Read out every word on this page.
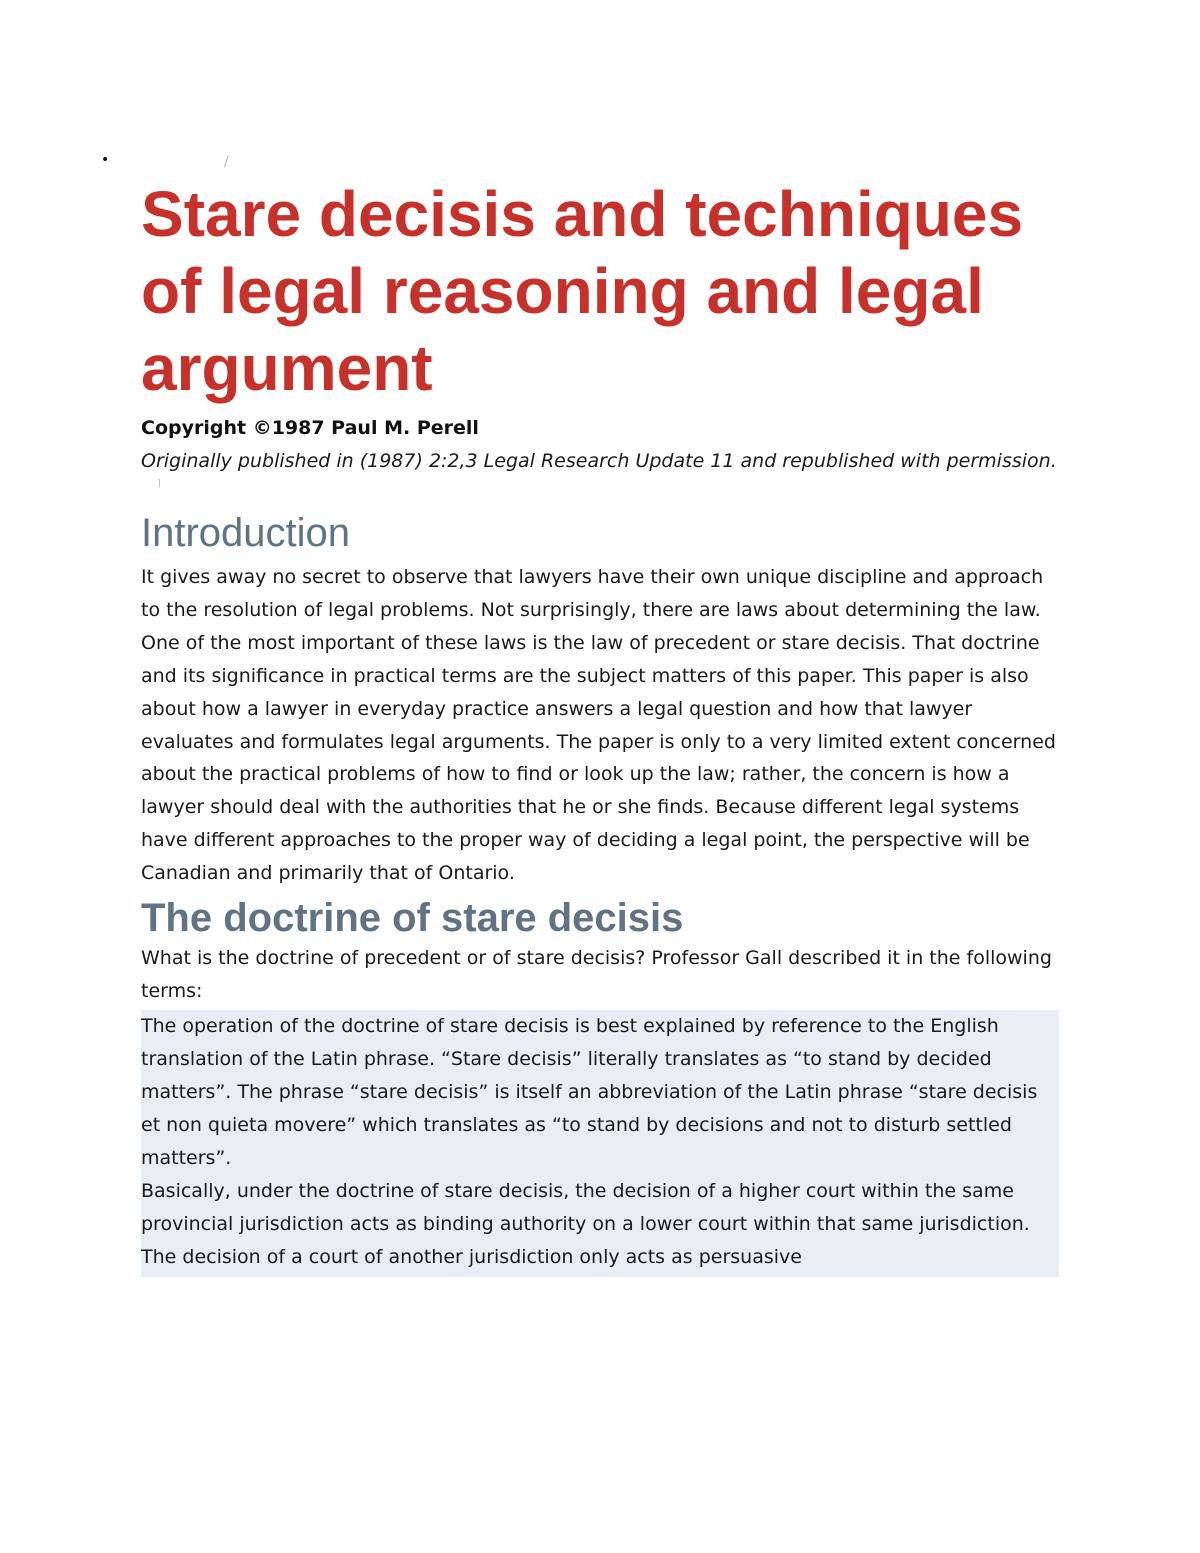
•	/
Stare decisis and techniques of legal reasoning and legal argument

Copyright ©1987 Paul M. Perell

Originally published in (1987) 2:2,3 Legal Research Update 11 and republished with permission.

Introduction

It gives away no secret to observe that lawyers have their own unique discipline and approach to the resolution of legal problems. Not surprisingly, there are laws about determining the law. One of the most important of these laws is the law of precedent or stare decisis. That doctrine and its significance in practical terms are the subject matters of this paper. This paper is also about how a lawyer in everyday practice answers a legal question and how that lawyer evaluates and formulates legal arguments. The paper is only to a very limited extent concerned about the practical problems of how to find or look up the law; rather, the concern is how a lawyer should deal with the authorities that he or she finds. Because different legal systems have different approaches to the proper way of deciding a legal point, the perspective will be Canadian and primarily that of Ontario.

The doctrine of stare decisis

What is the doctrine of precedent or of stare decisis? Professor Gall described it in the following terms:

The operation of the doctrine of stare decisis is best explained by reference to the English translation of the Latin phrase. “Stare decisis” literally translates as “to stand by decided matters”. The phrase “stare decisis” is itself an abbreviation of the Latin phrase “stare decisis et non quieta movere” which translates as “to stand by decisions and not to disturb settled matters”.

Basically, under the doctrine of stare decisis, the decision of a higher court within the same provincial jurisdiction acts as binding authority on a lower court within that same jurisdiction. The decision of a court of another jurisdiction only acts as persuasive
